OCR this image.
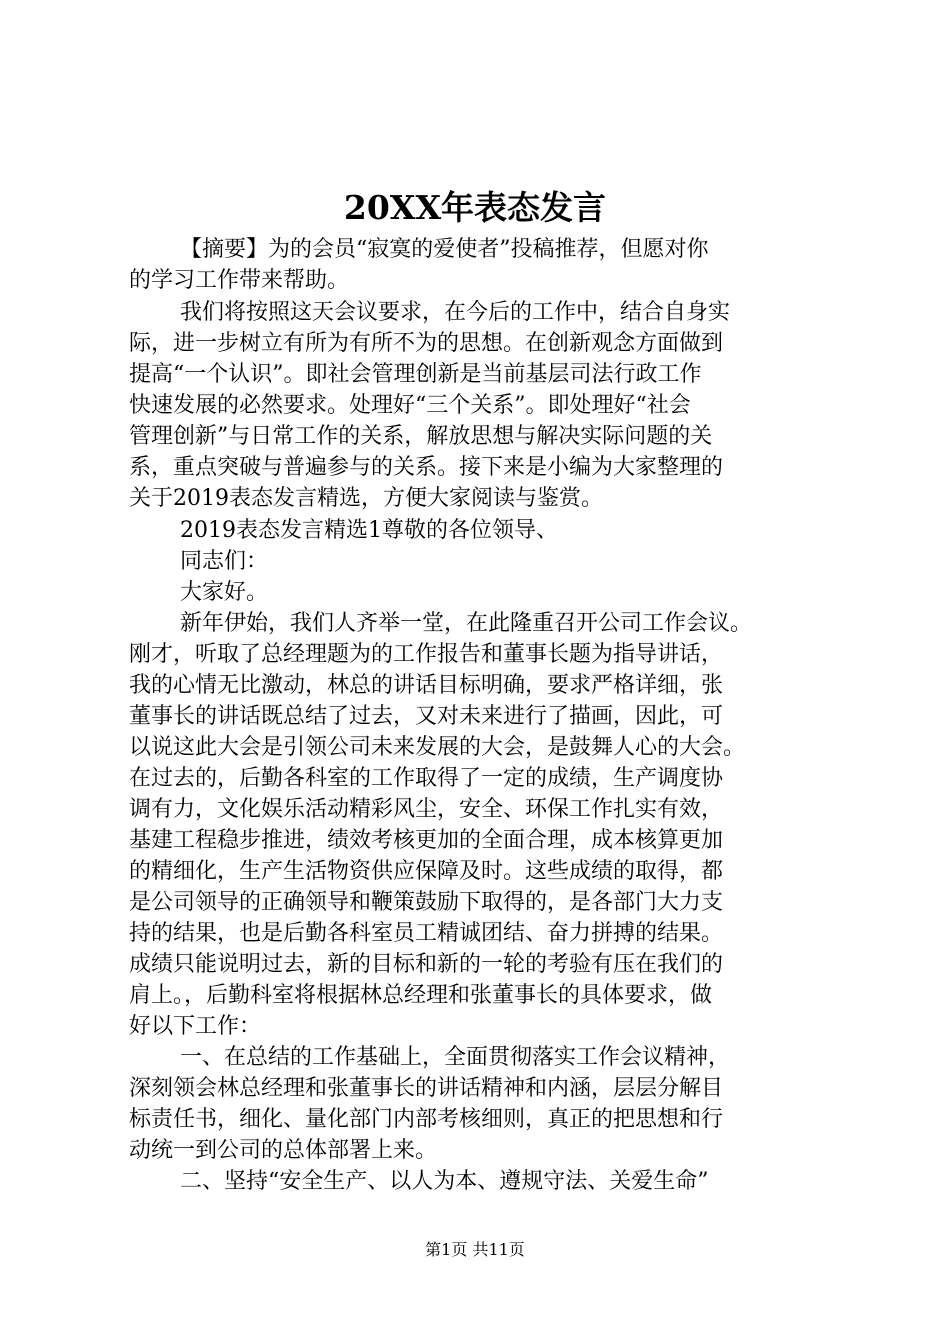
20XX年表态发言

【摘要】为的会员“寂寞的爱使者”投稿推荐，但愿对你

的学习工作带来帮助。

我们将按照这天会议要求，在今后的工作中，结合自身实

际，进一步树立有所为有所不为的思想。在创新观念方面做到

提高“一个认识”。即社会管理创新是当前基层司法行政工作

快速发展的必然要求。处理好“三个关系”。即处理好“社会

管理创新”与日常工作的关系，解放思想与解决实际问题的关

系，重点突破与普遍参与的关系。接下来是小编为大家整理的

关于2019表态发言精选，方便大家阅读与鉴赏。

2019表态发言精选1尊敬的各位领导、

同志们：

大家好。

新年伊始，我们人齐举一堂，在此隆重召开公司工作会议。

刚才，听取了总经理题为的工作报告和董事长题为指导讲话，

我的心情无比激动，林总的讲话目标明确，要求严格详细，张

董事长的讲话既总结了过去，又对未来进行了描画，因此，可

以说这此大会是引领公司未来发展的大会，是鼓舞人心的大会。

在过去的，后勤各科室的工作取得了一定的成绩，生产调度协

调有力，文化娱乐活动精彩风尘，安全、环保工作扎实有效，

基建工程稳步推进，绩效考核更加的全面合理，成本核算更加

的精细化，生产生活物资供应保障及时。这些成绩的取得，都

是公司领导的正确领导和鞭策鼓励下取得的，是各部门大力支

持的结果，也是后勤各科室员工精诚团结、奋力拼搏的结果。

成绩只能说明过去，新的目标和新的一轮的考验有压在我们的

肩上。，后勤科室将根据林总经理和张董事长的具体要求，做

好以下工作：

一、在总结的工作基础上，全面贯彻落实工作会议精神，

深刻领会林总经理和张董事长的讲话精神和内涵，层层分解目

标责任书，细化、量化部门内部考核细则，真正的把思想和行

动统一到公司的总体部署上来。

二、坚持“安全生产、以人为本、遵规守法、关爱生命”

第1页 共11页
